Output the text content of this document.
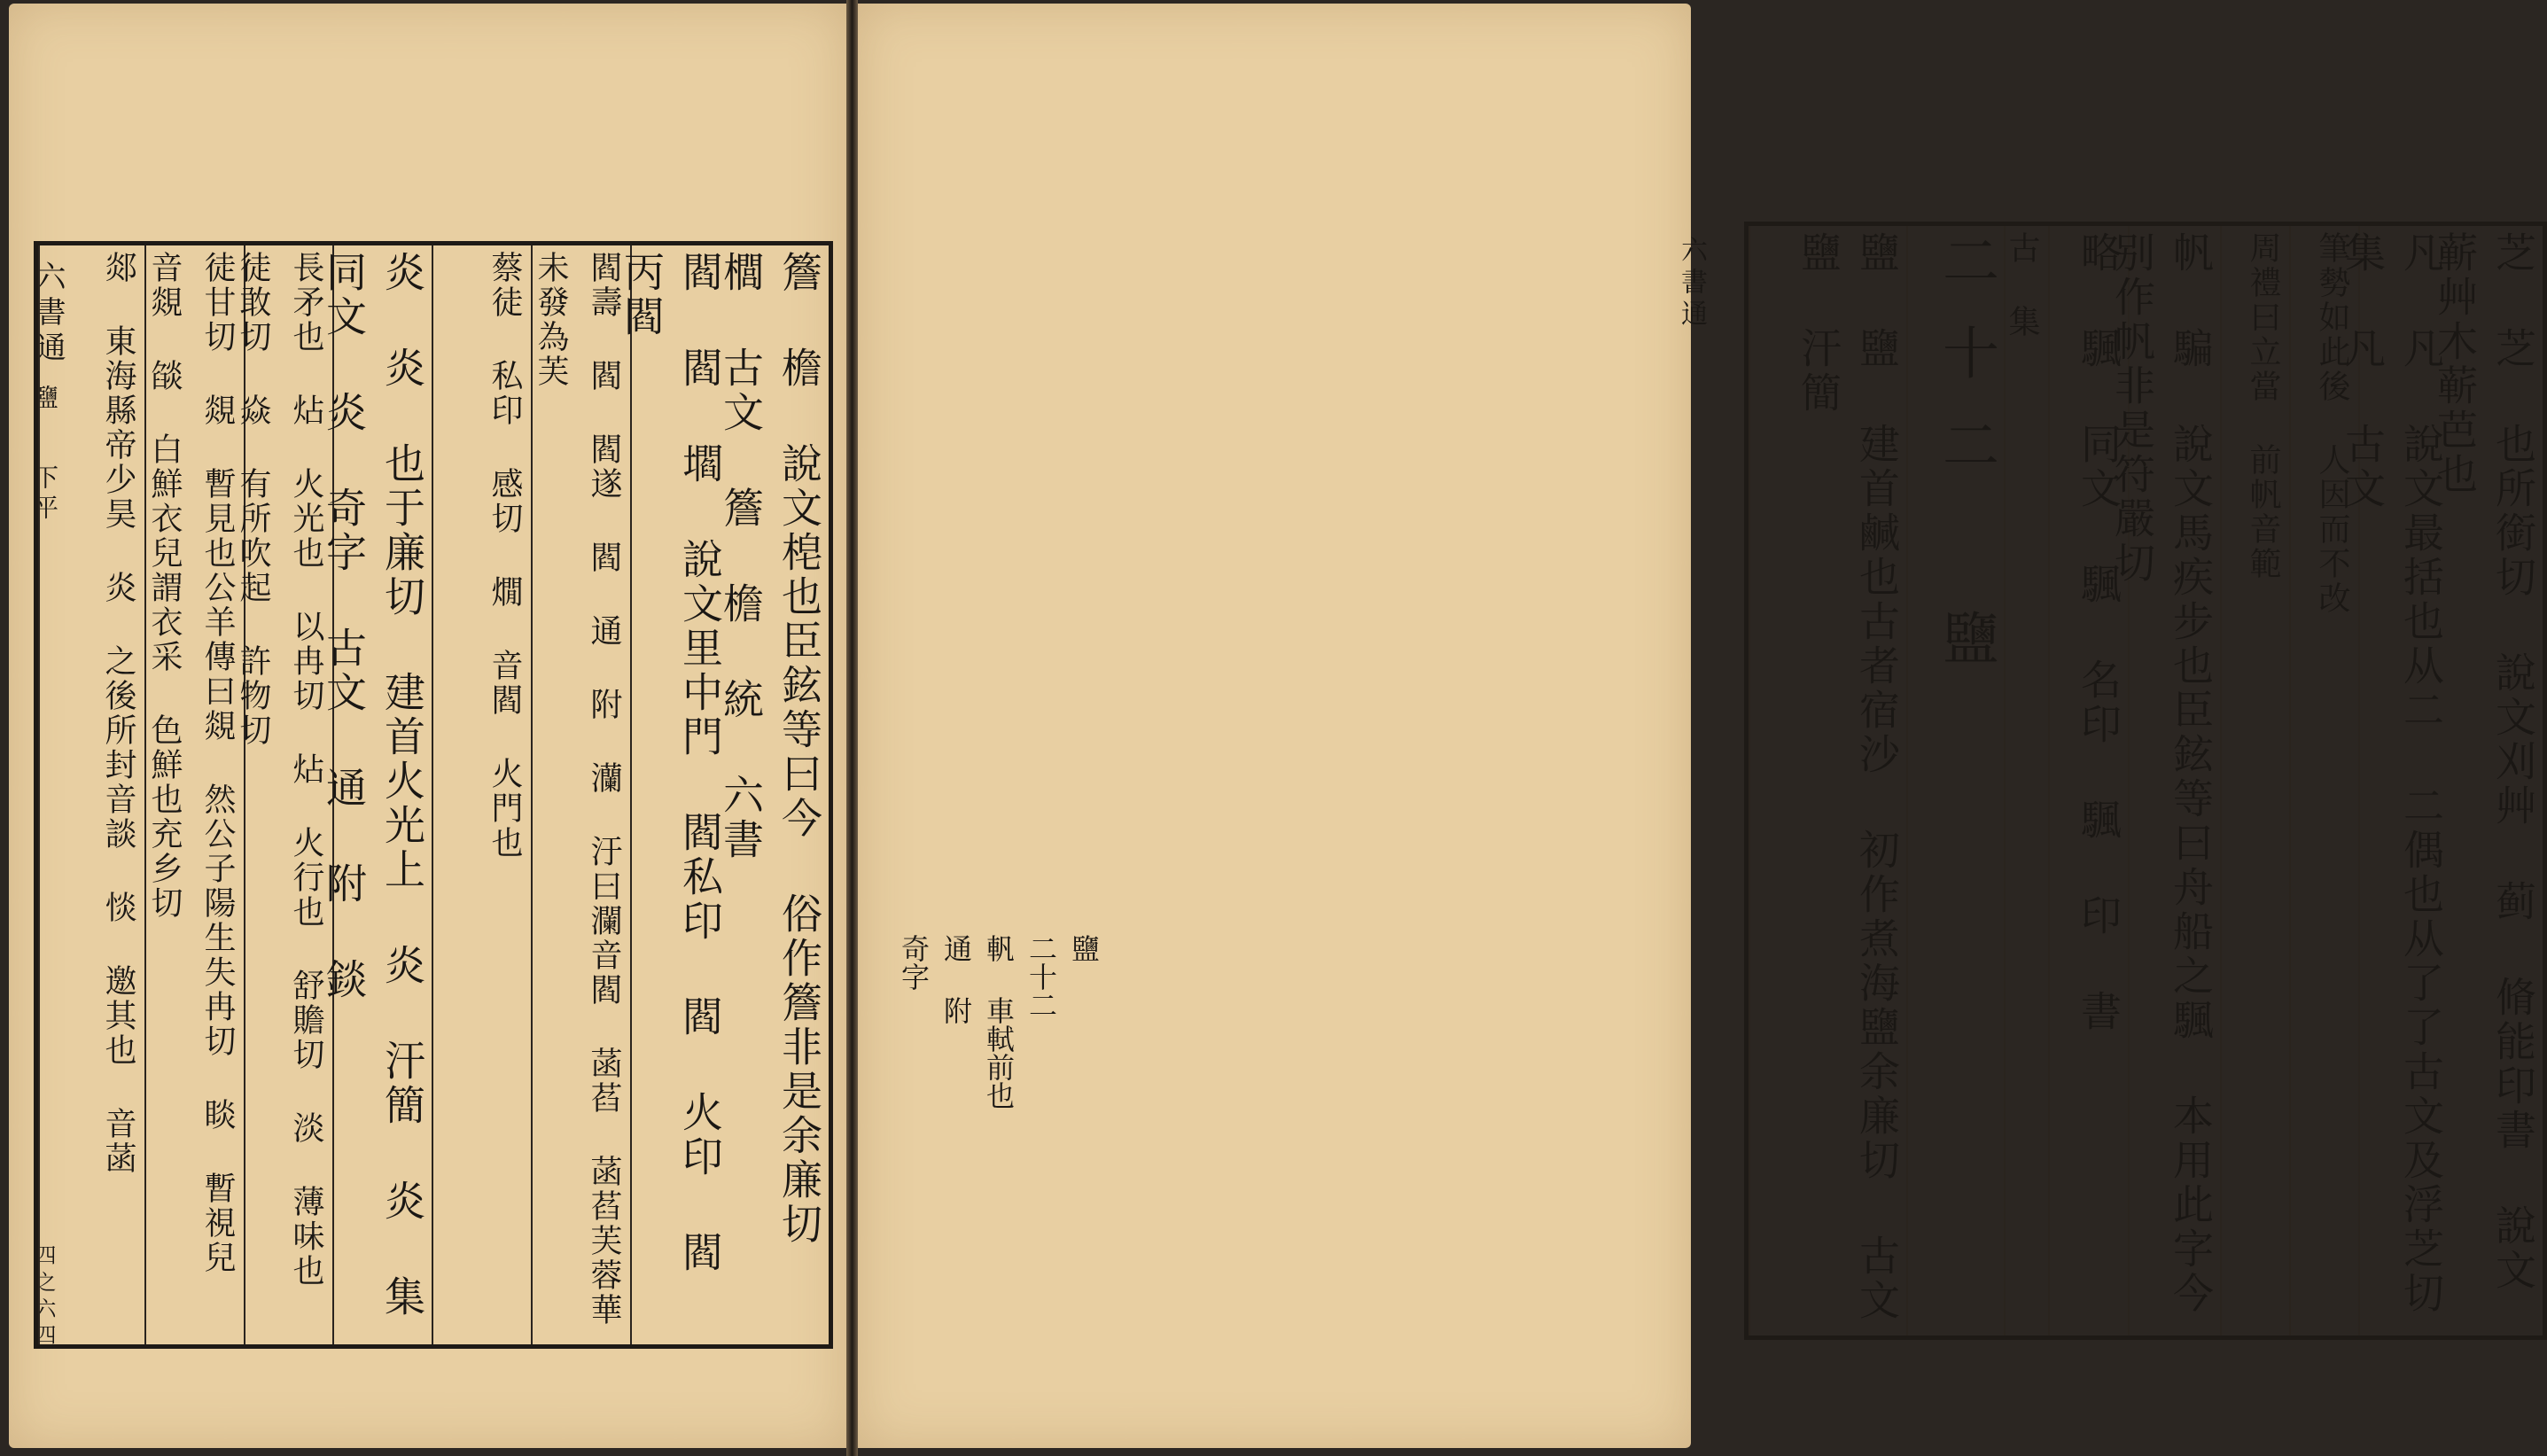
六書通
鹽
下平
四之六四
簷 檐 說文梍也臣鉉等曰今 俗作簷非是余廉切 櫚 古文 簷 檐 統 六書
閻 閻 壛 說文里中門 閻私印 閻 火印 閻 丙閻
閻壽 閻 閻遂 閻 通 附 灡 汙曰瀾音閻 菡萏 菡萏芙蓉華未發為芙
蔡徒 私印 感切 燗 音閻 火門也
炎 炎 也于廉切 建首火光上 炎 汗簡 炎 集 同文 炎 奇字 古文 通 附 錟
長矛也 炶 火光也 以冉切 炶 火行也 舒贍切 淡 薄味也 徒敢切 焱 有所吹起 許物切
徒甘切 覢 暫見也公羊傳曰覢 然公子陽生失冉切 睒 暫視兒 音覢 燄 白鮮衣兒謂衣采 色鮮也充乡切
郯 東海縣帝少昊 炎 之後所封音談 惔 邀其也 音菡	六書通	芝 芝 也所銜切 說文刈艸 蓟 脩能印書 說文蕲艸木蕲芭也
凡 凡 說文最括也从二 二偶也从了了古文及浮芝切 集 凡 古文
筆勢如此後 人因而不改
周禮曰立當 前帆音範
帆 騙 說文馬疾步也臣鉉等曰舟船之颿 本用此字今别作帆非是符嚴切
略 颿 同文 颿 名印 颿 印 書
古 集
二十二 鹽
鹽 鹽 建首鹹也古者宿沙 初作煮海鹽余廉切 古文 鹽 汗簡
奇字 通 附 軓 車軾前也 二十二 鹽
